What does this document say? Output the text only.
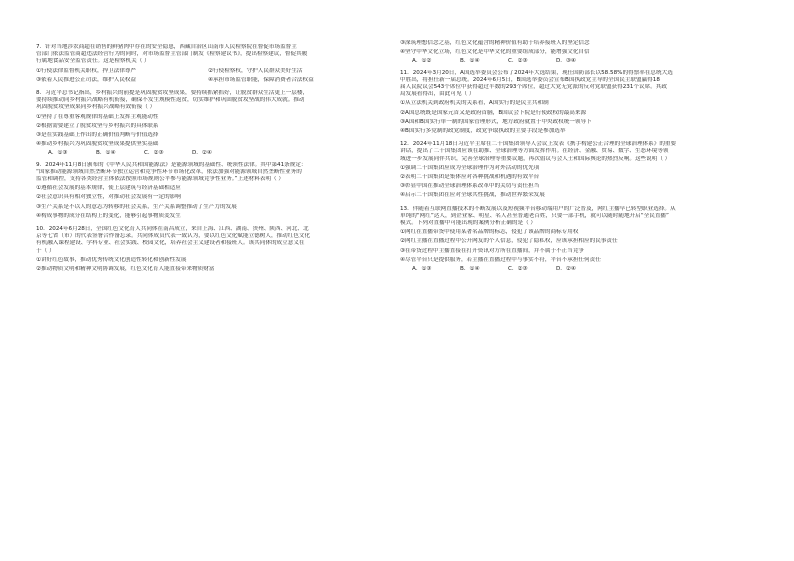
7．针对当地涉农商超在销售的鲜猪肉中存在的安全隐患，西藏自治区山南市人民检察院在督促市场监督主
管部门依法监管商超违法经营行为的同时，对市场监督主管部门制发《检察建议书》，提出检察建议，督促其履
行属地食品安全监管责任。这是检察机关（ ）
①行使法律监督机关职权，捍卫法律尊严	②行使检察权，守护人民群众美好生活
③依着人民推进公正司法，维护人民权益	④承担市场监管职能，保障消费者合法权益
8．习近平总书记指出，乡村振兴的前提是巩固脱贫攻坚成果，要持续抓紧抓好，让脱贫群众生活更上一层楼，
要持续推动同乡村振兴战略有机衔接，确保不发生规模性返贫，切实维护和巩固脱贫攻坚战的伟大成就。推动
巩固脱贫攻坚成果同乡村振兴战略有效衔接（ ）
①坚持了在尊重客观规律的基础上发挥主观能动性
②根据需要建立了脱贫攻坚与乡村振兴的具体联系
③是在实践基础上作出的正确价值判断与价值选择
④推动乡村振兴为巩固脱贫攻坚成果提供坚实基础
A．①③	B．①④	C．②③	D．②④
9．2024年11月8日颁布的《中华人民共和国能源法》是能源领域的基础性、统领性法律。其中第41条规定：
“国家推动能源领域自然垄断环节独立运营和竞争性环节市场化改革，依法加强对能源领域自然垄断性业务的
监管和调控，支持各类经营主体依法按照市场规则公平参与能源领域竞争性业务。”上述材料表明（ ）
①遵循社会发展的基本规律，使上层建筑与经济基础相适应
②社会意识具有相对独立性，对推动社会发展有一定的影响
③生产关系是不以人的意志为转移的社会关系，生产关系调整推动了生产力的发展
④构成事物的成分在结构上的变化，能够引起事物质変发生
10．2024年6月28日，全国红色文化育人共同体在南昌成立，来自上海、江西、湖南、贵州、陕西、河北、北
京等七省（市）的代表签署合作备忘录。共同体成员代表一致认为，要以红色文化赋能立德树人，推动红色文化
有机融入课程建设、学科专业、社会实践、校园文化，培养社会主义建设者和接班人。该共同体的成立意义在
于（ ）
①讲好红色故事，推动优秀传统文化创造性转化和创新性发展
②推动物质文明和精神文明协调发展，红色文化育人能直接带来物质财富
③深筑理想信念之基，红色文化蕴含的精神价值有助于培养接班人的坚定信念
④坚守中华文化立场，红色文化是中华文化的重要组成部分，能增强文化自信
A．①②	B．①④	C．②③	D．③④
11．2024年3月20日，A国选举委员会公布了2024年大选结果，现任国防部长以58.58%的得票率在总统大选
中胜出，将担任新一届总统。2024年6月5日，B国选举委员会宣布B国执政党主导的全国民主联盟赢得18
届人民院议会543个席位中获得超过半数的293个席位，超过大党无党派的反对党联盟获得231个议席。其政
局发展看得出，由此可见（ ）
①从立法机关到政府机关的关系看，A国实行的是民主共和制
②A国总统既是国家元首又是政府首脑，B国议会下院是行使政权的最高来源
③A国和B国实行单一制的国家管理形式，地方政府就置于中央政权统一领导下
④B国实行多党制的政党制度，政党争取执政的主要手段是参加选举
12．2024年11月18日习近平主席在二十国集团领导人会议上发表《携手构建公正合理的全球治理体系》的重要
讲话，提出了二十国集团应该在助推、全球治理等方面发挥作用。在经济、金融、贸易、数字、生态环境等领
域进一步发展同伴共识，完善全球治理等重要议题，再次倡议与会人士和国际舆论的热烈反响。这些说明（ ）
①强调二十国集团应成为全球治理作为对外活动的优先项
②表明二十国集团是集体应对各种挑战和机遇的有效平台
③彰显中国在推动全球治理体系改革中的关切与责任担当
④启示二十国集团在应对全球共性挑战，推动世界繁荣发展
13．伴随着互联网直播技术的不断发展以及短视频平台移动端用户的广泛普及，网红主播早已转型职业选择。从
单纯的“网红”达人，到企业家、明星、名人甚至普通老百姓，只要一部手机，就可以随时随地开启“全民直播”
模式。下列对直播中可能出现的案例分析正确的是（ ）
①网红在直播带货中使用某著名品牌的标志，侵犯了该品牌的商标专用权
②网红主播在直播过程中公开网友的个人信息，侵犯了隐私权，应该承担相应的民事责任
③在带货过程中主播直接在打开资讯对方所在直播间，并不属于不正当竞争
④尽管平台只是提供服务，若主播在直播过程中与事实不符，平台不承担任何责任
A．①③	B．①④	C．②③	D．②④
